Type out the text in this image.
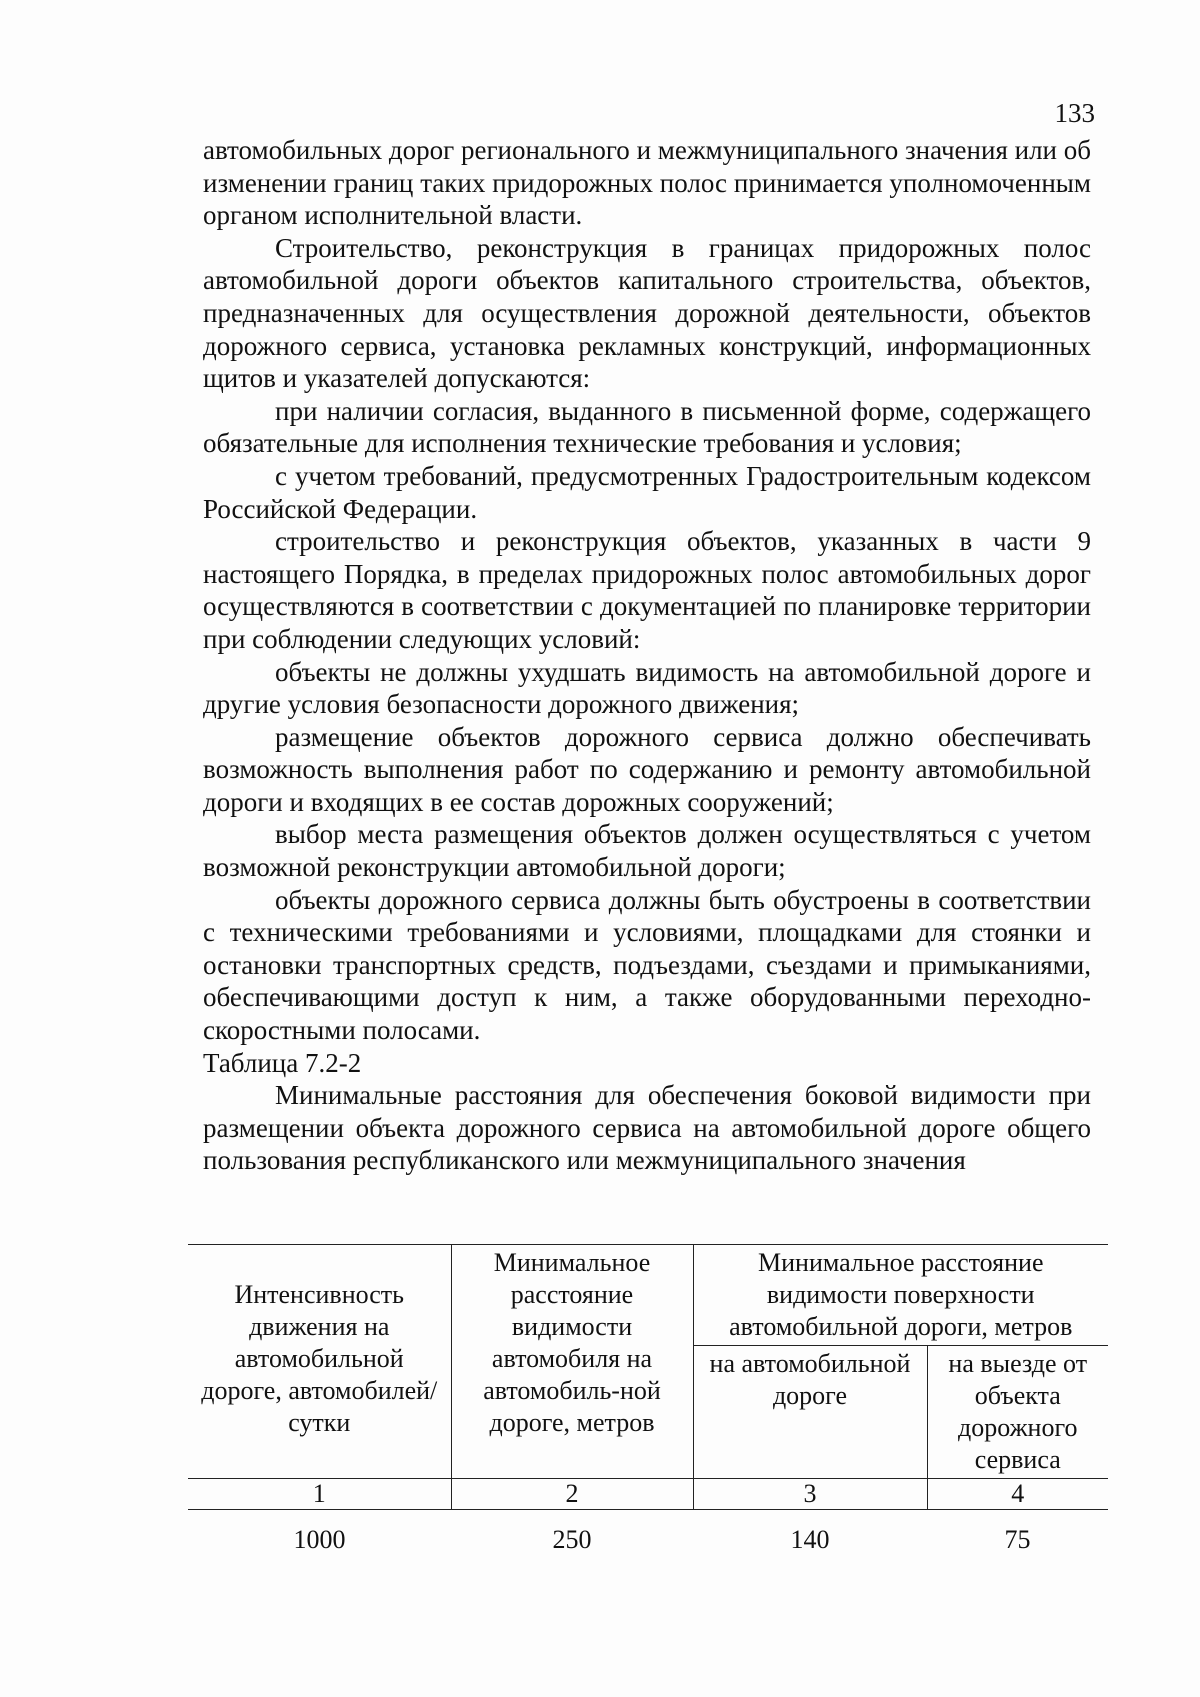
133

автомобильных дорог регионального и межмуниципального значения или об изменении границ таких придорожных полос принимается уполномоченным органом исполнительной власти.

Строительство, реконструкция в границах придорожных полос автомобильной дороги объектов капитального строительства, объектов, предназначенных для осуществления дорожной деятельности, объектов дорожного сервиса, установка рекламных конструкций, информационных щитов и указателей допускаются:

при наличии согласия, выданного в письменной форме, содержащего обязательные для исполнения технические требования и условия;

с учетом требований, предусмотренных Градостроительным кодексом Российской Федерации.

строительство и реконструкция объектов, указанных в части 9 настоящего Порядка, в пределах придорожных полос автомобильных дорог осуществляются в соответствии с документацией по планировке территории при соблюдении следующих условий:

объекты не должны ухудшать видимость на автомобильной дороге и другие условия безопасности дорожного движения;

размещение объектов дорожного сервиса должно обеспечивать возможность выполнения работ по содержанию и ремонту автомобильной дороги и входящих в ее состав дорожных сооружений;

выбор места размещения объектов должен осуществляться с учетом возможной реконструкции автомобильной дороги;

объекты дорожного сервиса должны быть обустроены в соответствии с техническими требованиями и условиями, площадками для стоянки и остановки транспортных средств, подъездами, съездами и примыканиями, обеспечивающими доступ к ним, а также оборудованными переходно-скоростными полосами.

Таблица 7.2-2

Минимальные расстояния для обеспечения боковой видимости при размещении объекта дорожного сервиса на автомобильной дороге общего пользования республиканского или межмуниципального значения

Интенсивность движения на автомобильной дороге, автомобилей/сутки	Минимальное расстояние видимости автомобиля на автомобиль-ной дороге, метров	Минимальное расстояние видимости поверхности автомобильной дороги, метров	
		на автомобильной дороге	на выезде от объекта дорожного сервиса
1	2	3	4
1000	250	140	75
